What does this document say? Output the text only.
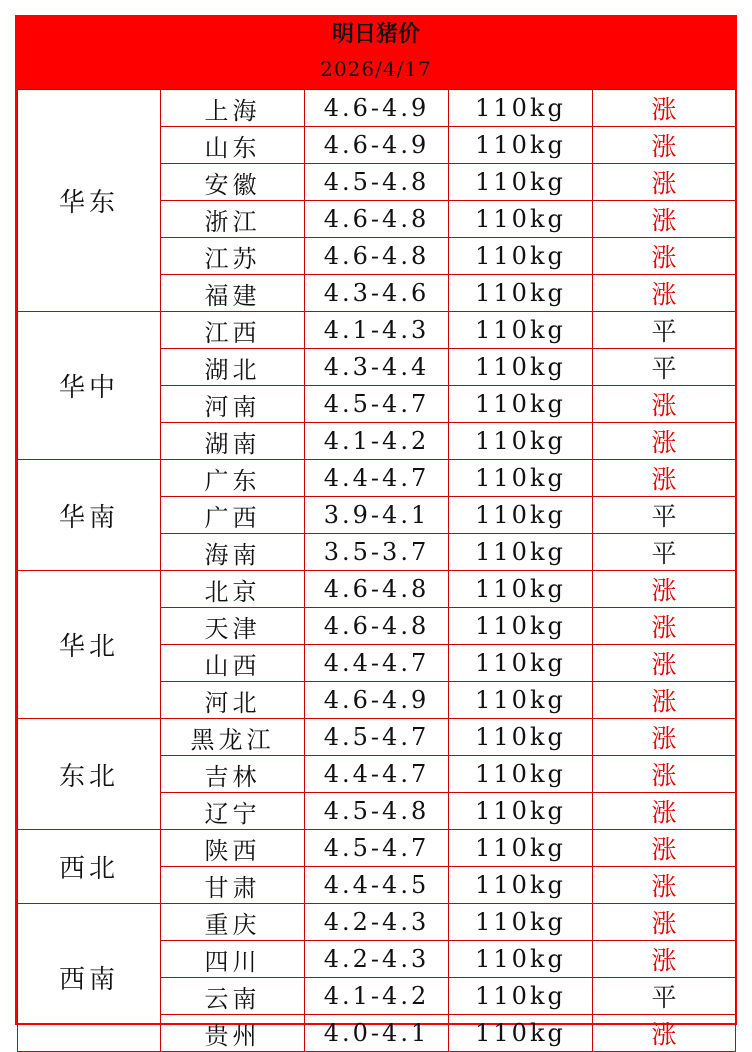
明日猪价
2026/4/17
华东	上海	4.6-4.9	110kg	涨
	山东	4.6-4.9	110kg	涨
	安徽	4.5-4.8	110kg	涨
	浙江	4.6-4.8	110kg	涨
	江苏	4.6-4.8	110kg	涨
	福建	4.3-4.6	110kg	涨
华中	江西	4.1-4.3	110kg	平
	湖北	4.3-4.4	110kg	平
	河南	4.5-4.7	110kg	涨
	湖南	4.1-4.2	110kg	涨
华南	广东	4.4-4.7	110kg	涨
	广西	3.9-4.1	110kg	平
	海南	3.5-3.7	110kg	平
华北	北京	4.6-4.8	110kg	涨
	天津	4.6-4.8	110kg	涨
	山西	4.4-4.7	110kg	涨
	河北	4.6-4.9	110kg	涨
东北	黑龙江	4.5-4.7	110kg	涨
	吉林	4.4-4.7	110kg	涨
	辽宁	4.5-4.8	110kg	涨
西北	陕西	4.5-4.7	110kg	涨
	甘肃	4.4-4.5	110kg	涨
西南	重庆	4.2-4.3	110kg	涨
	四川	4.2-4.3	110kg	涨
	云南	4.1-4.2	110kg	平
	贵州	4.0-4.1	110kg	涨
